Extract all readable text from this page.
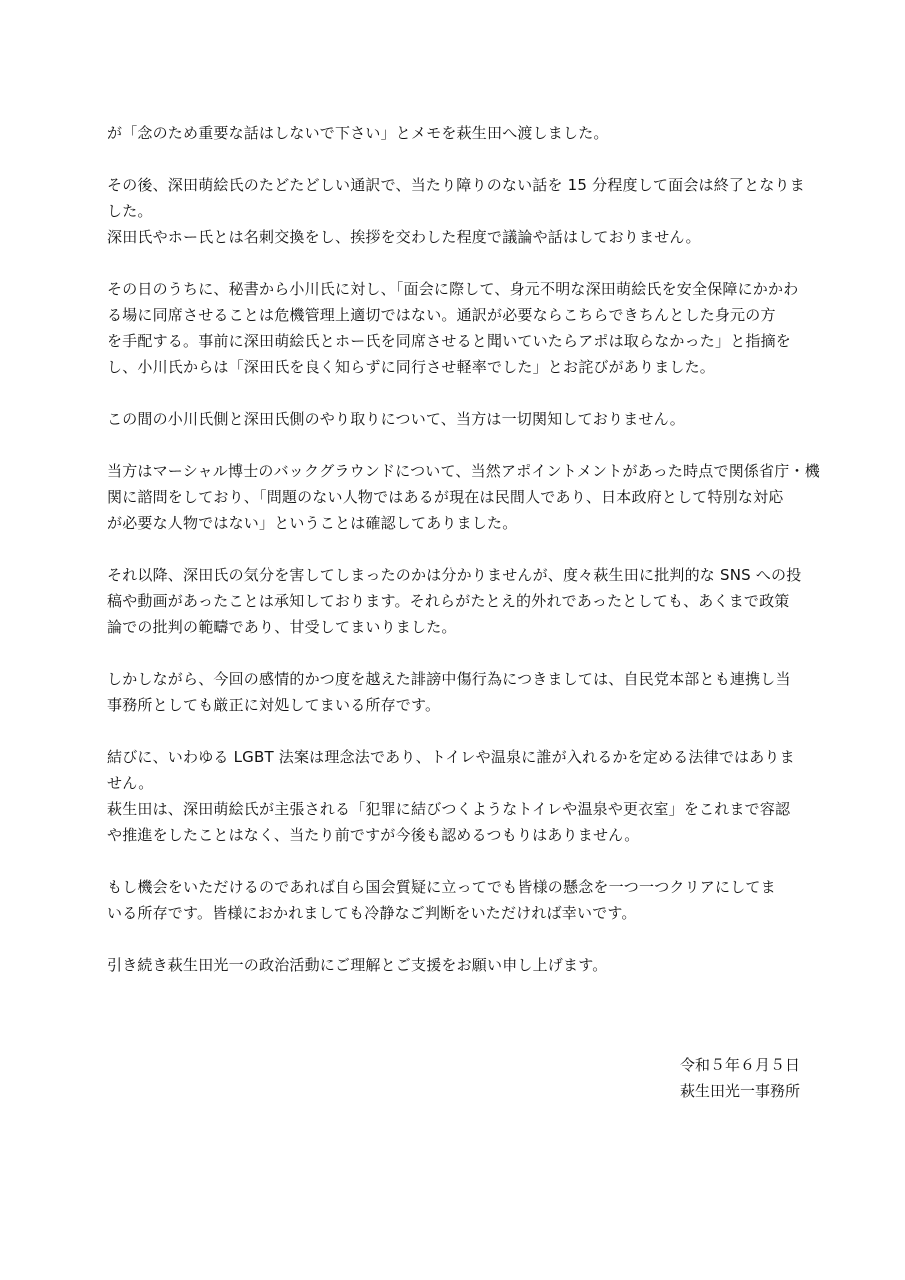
が「念のため重要な話はしないで下さい」とメモを萩生田へ渡しました。

その後、深田萌絵氏のたどたどしい通訳で、当たり障りのない話を 15 分程度して面会は終了となりま
した。
深田氏やホー氏とは名刺交換をし、挨拶を交わした程度で議論や話はしておりません。

その日のうちに、秘書から小川氏に対し、「面会に際して、身元不明な深田萌絵氏を安全保障にかかわ
る場に同席させることは危機管理上適切ではない。通訳が必要ならこちらできちんとした身元の方
を手配する。事前に深田萌絵氏とホー氏を同席させると聞いていたらアポは取らなかった」と指摘を
し、小川氏からは「深田氏を良く知らずに同行させ軽率でした」とお詫びがありました。

この間の小川氏側と深田氏側のやり取りについて、当方は一切関知しておりません。

当方はマーシャル博士のバックグラウンドについて、当然アポイントメントがあった時点で関係省庁・機
関に諮問をしており、「問題のない人物ではあるが現在は民間人であり、日本政府として特別な対応
が必要な人物ではない」ということは確認してありました。

それ以降、深田氏の気分を害してしまったのかは分かりませんが、度々萩生田に批判的な SNS への投
稿や動画があったことは承知しております。それらがたとえ的外れであったとしても、あくまで政策
論での批判の範疇であり、甘受してまいりました。

しかしながら、今回の感情的かつ度を越えた誹謗中傷行為につきましては、自民党本部とも連携し当
事務所としても厳正に対処してまいる所存です。

結びに、いわゆる LGBT 法案は理念法であり、トイレや温泉に誰が入れるかを定める法律ではありま
せん。
萩生田は、深田萌絵氏が主張される「犯罪に結びつくようなトイレや温泉や更衣室」をこれまで容認
や推進をしたことはなく、当たり前ですが今後も認めるつもりはありません。

もし機会をいただけるのであれば自ら国会質疑に立ってでも皆様の懸念を一つ一つクリアにしてま
いる所存です。皆様におかれましても冷静なご判断をいただければ幸いです。

引き続き萩生田光一の政治活動にご理解とご支援をお願い申し上げます。

令和５年６月５日
萩生田光一事務所
